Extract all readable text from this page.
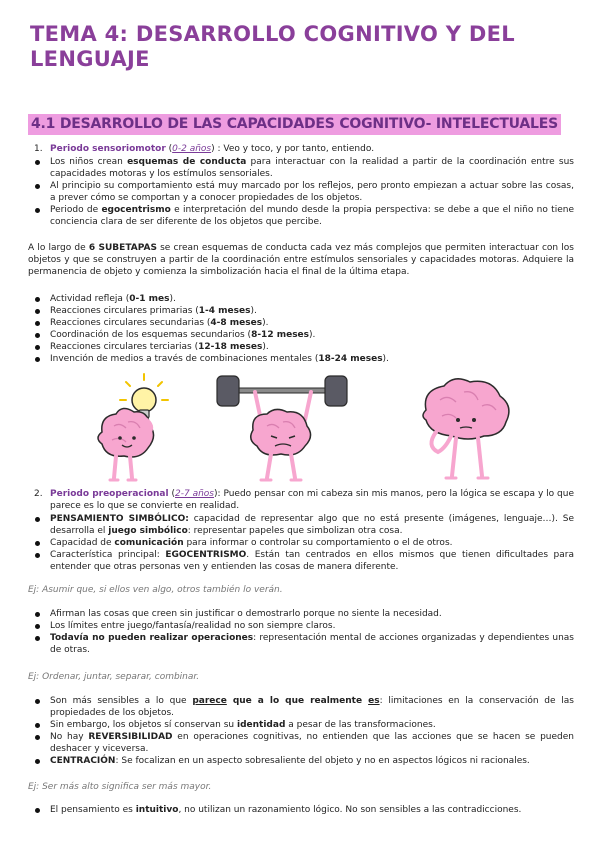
TEMA 4: DESARROLLO COGNITIVO Y DEL LENGUAJE
4.1 DESARROLLO DE LAS CAPACIDADES COGNITIVO- INTELECTUALES
1. Periodo sensoriomotor (0-2 años) : Veo y toco, y por tanto, entiendo.
Los niños crean esquemas de conducta para interactuar con la realidad a partir de la coordinación entre sus capacidades motoras y los estímulos sensoriales.
Al principio su comportamiento está muy marcado por los reflejos, pero pronto empiezan a actuar sobre las cosas, a prever cómo se comportan y a conocer propiedades de los objetos.
Periodo de egocentrismo e interpretación del mundo desde la propia perspectiva: se debe a que el niño no tiene conciencia clara de ser diferente de los objetos que percibe.

A lo largo de 6 SUBETAPAS se crean esquemas de conducta cada vez más complejos que permiten interactuar con los objetos y que se construyen a partir de la coordinación entre estímulos sensoriales y capacidades motoras. Adquiere la permanencia de objeto y comienza la simbolización hacia el final de la última etapa.

Actividad refleja (0-1 mes).
Reacciones circulares primarias (1-4 meses).
Reacciones circulares secundarias (4-8 meses).
Coordinación de los esquemas secundarios (8-12 meses).
Reacciones circulares terciarias (12-18 meses).
Invención de medios a través de combinaciones mentales (18-24 meses).
2. Periodo preoperacional (2-7 años): Puedo pensar con mi cabeza sin mis manos, pero la lógica se escapa y lo que parece es lo que se convierte en realidad.
PENSAMIENTO SIMBÓLICO: capacidad de representar algo que no está presente (imágenes, lenguaje…). Se desarrolla el juego simbólico: representar papeles que simbolizan otra cosa.
Capacidad de comunicación para informar o controlar su comportamiento o el de otros.
Característica principal: EGOCENTRISMO. Están tan centrados en ellos mismos que tienen dificultades para entender que otras personas ven y entienden las cosas de manera diferente.
Ej: Asumir que, si ellos ven algo, otros también lo verán.
Afirman las cosas que creen sin justificar o demostrarlo porque no siente la necesidad.
Los límites entre juego/fantasía/realidad no son siempre claros.
Todavía no pueden realizar operaciones: representación mental de acciones organizadas y dependientes unas de otras.
Ej: Ordenar, juntar, separar, combinar.
Son más sensibles a lo que parece que a lo que realmente es: limitaciones en la conservación de las propiedades de los objetos.
Sin embargo, los objetos sí conservan su identidad a pesar de las transformaciones.
No hay REVERSIBILIDAD en operaciones cognitivas, no entienden que las acciones que se hacen se pueden deshacer y viceversa.
CENTRACIÓN: Se focalizan en un aspecto sobresaliente del objeto y no en aspectos lógicos ni racionales.
Ej: Ser más alto significa ser más mayor.
El pensamiento es intuitivo, no utilizan un razonamiento lógico. No son sensibles a las contradicciones.
